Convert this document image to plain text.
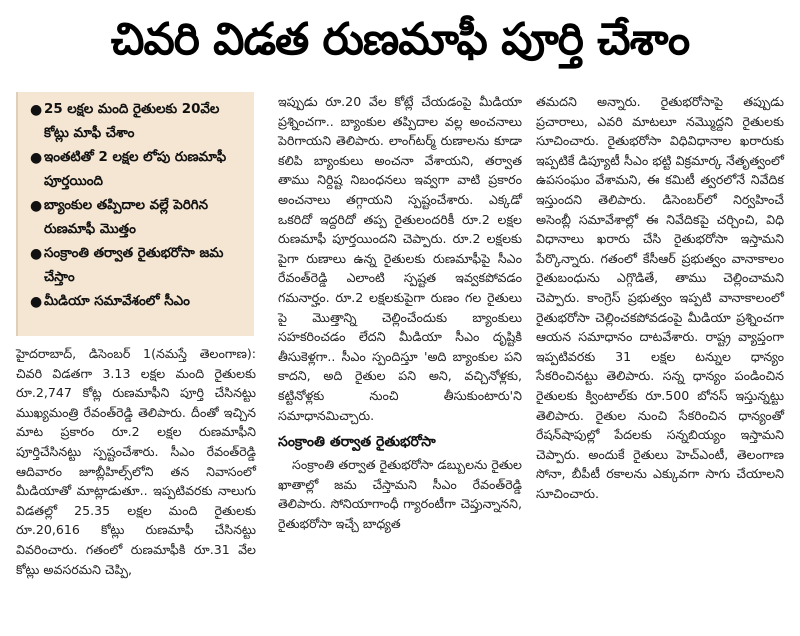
చివరి విడత రుణమాఫీ పూర్తి చేశాం
● 25 లక్షల మంది రైతులకు 20వేల కోట్లు మాఫీ చేశాం
● ఇంతటితో 2 లక్షల లోపు రుణమాఫీ పూర్తయింది
● బ్యాంకుల తప్పిదాల వల్లే పెరిగిన రుణమాఫీ మొత్తం
● సంక్రాంతి తర్వాత రైతుభరోసా జమ చేస్తాం
● మీడియా సమావేశంలో సీఎం

హైదరాబాద్, డిసెంబర్ 1(నమస్తే తెలంగాణ): చివరి విడతగా 3.13 లక్షల మంది రైతులకు రూ.2,747 కోట్ల రుణమాఫీని పూర్తి చేసినట్టు ముఖ్యమంత్రి రేవంత్‌రెడ్డి తెలిపారు. దీంతో ఇచ్చిన మాట ప్రకారం రూ.2 లక్షల రుణమాఫీని పూర్తిచేసినట్టు స్పష్టంచేశారు. సీఎం రేవంత్‌రెడ్డి ఆదివారం జూబ్లీహిల్స్‌లోని తన నివాసంలో మీడియాతో మాట్లాడుతూ.. ఇప్పటివరకు నాలుగు విడతల్లో 25.35 లక్షల మంది రైతులకు రూ.20,616 కోట్లు రుణమాఫీ చేసినట్టు వివరించారు. గతంలో రుణమాఫీకి రూ.31 వేల కోట్లు అవసరమని చెప్పి,

ఇప్పుడు రూ.20 వేల కోట్లే చేయడంపై మీడియా ప్రశ్నించగా.. బ్యాంకుల తప్పిదాల వల్ల అంచనాలు పెరిగాయని తెలిపారు. లాంగ్‌టర్మ్ రుణాలను కూడా కలిపి బ్యాంకులు అంచనా వేశాయని, తర్వాత తాము నిర్దిష్ట నిబంధనలు ఇవ్వగా వాటి ప్రకారం అంచనాలు తగ్గాయని స్పష్టంచేశారు. ఎక్కడో ఒకరిదో ఇద్దరిదో తప్ప రైతులందరికీ రూ.2 లక్షల రుణమాఫీ పూర్తయిందని చెప్పారు. రూ.2 లక్షలకు పైగా రుణాలు ఉన్న రైతులకు రుణమాఫీపై సీఎం రేవంత్‌రెడ్డి ఎలాంటి స్పష్టత ఇవ్వకపోవడం గమనార్హం. రూ.2 లక్షలకుపైగా రుణం గల రైతులు పై మొత్తాన్ని చెల్లించేందుకు బ్యాంకులు సహకరించడం లేదని మీడియా సీఎం దృష్టికి తీసుకెళ్లగా.. సీఎం స్పందిస్తూ 'అది బ్యాంకుల పని కాదని, అది రైతుల పని అని, వచ్చినోళ్లకు, కట్టినోళ్లకు నుంచి తీసుకుంటారు'ని సమాధానమిచ్చారు.

సంక్రాంతి తర్వాత రైతుభరోసా

సంక్రాంతి తర్వాత రైతుభరోసా డబ్బులను రైతుల ఖాతాల్లో జమ చేస్తామని సీఎం రేవంత్‌రెడ్డి తెలిపారు. సోనియాగాంధీ గ్యారంటీగా చెప్తున్నానని, రైతుభరోసా ఇచ్చే బాధ్యత

తమదని అన్నారు. రైతుభరోసాపై తప్పుడు ప్రచారాలు, ఎవరి మాటలూ నమ్మొద్దని రైతులకు సూచించారు. రైతుభరోసా విధివిధానాల ఖరారుకు ఇప్పటికే డిప్యూటీ సీఎం భట్టి విక్రమార్క నేతృత్వంలో ఉపసంఘం వేశామని, ఈ కమిటీ త్వరలోనే నివేదిక ఇస్తుందని తెలిపారు. డిసెంబర్‌లో నిర్వహించే అసెంబ్లీ సమావేశాల్లో ఈ నివేదికపై చర్చించి, విధి విధానాలు ఖరారు చేసి రైతుభరోసా ఇస్తామని పేర్కొన్నారు. గతంలో కేసీఆర్ ప్రభుత్వం వానాకాలం రైతుబంధును ఎగ్గొడితే, తాము చెల్లించామని చెప్పారు. కాంగ్రెస్ ప్రభుత్వం ఇప్పటి వానాకాలంలో రైతుభరోసా చెల్లించకపోవడంపై మీడియా ప్రశ్నించగా ఆయన సమాధానం దాటవేశారు. రాష్ట్ర వ్యాప్తంగా ఇప్పటివరకు 31 లక్షల టన్నుల ధాన్యం సేకరించినట్టు తెలిపారు. సన్న ధాన్యం పండించిన రైతులకు క్వింటాల్‌కు రూ.500 బోనస్ ఇస్తున్నట్టు తెలిపారు. రైతుల నుంచి సేకరించిన ధాన్యంతో రేషన్‌షాపుల్లో పేదలకు సన్నబియ్యం ఇస్తామని చెప్పారు. అందుకే రైతులు హెచ్‌ఎంటీ, తెలంగాణ సోనా, బీపీటీ రకాలను ఎక్కువగా సాగు చేయాలని సూచించారు.
